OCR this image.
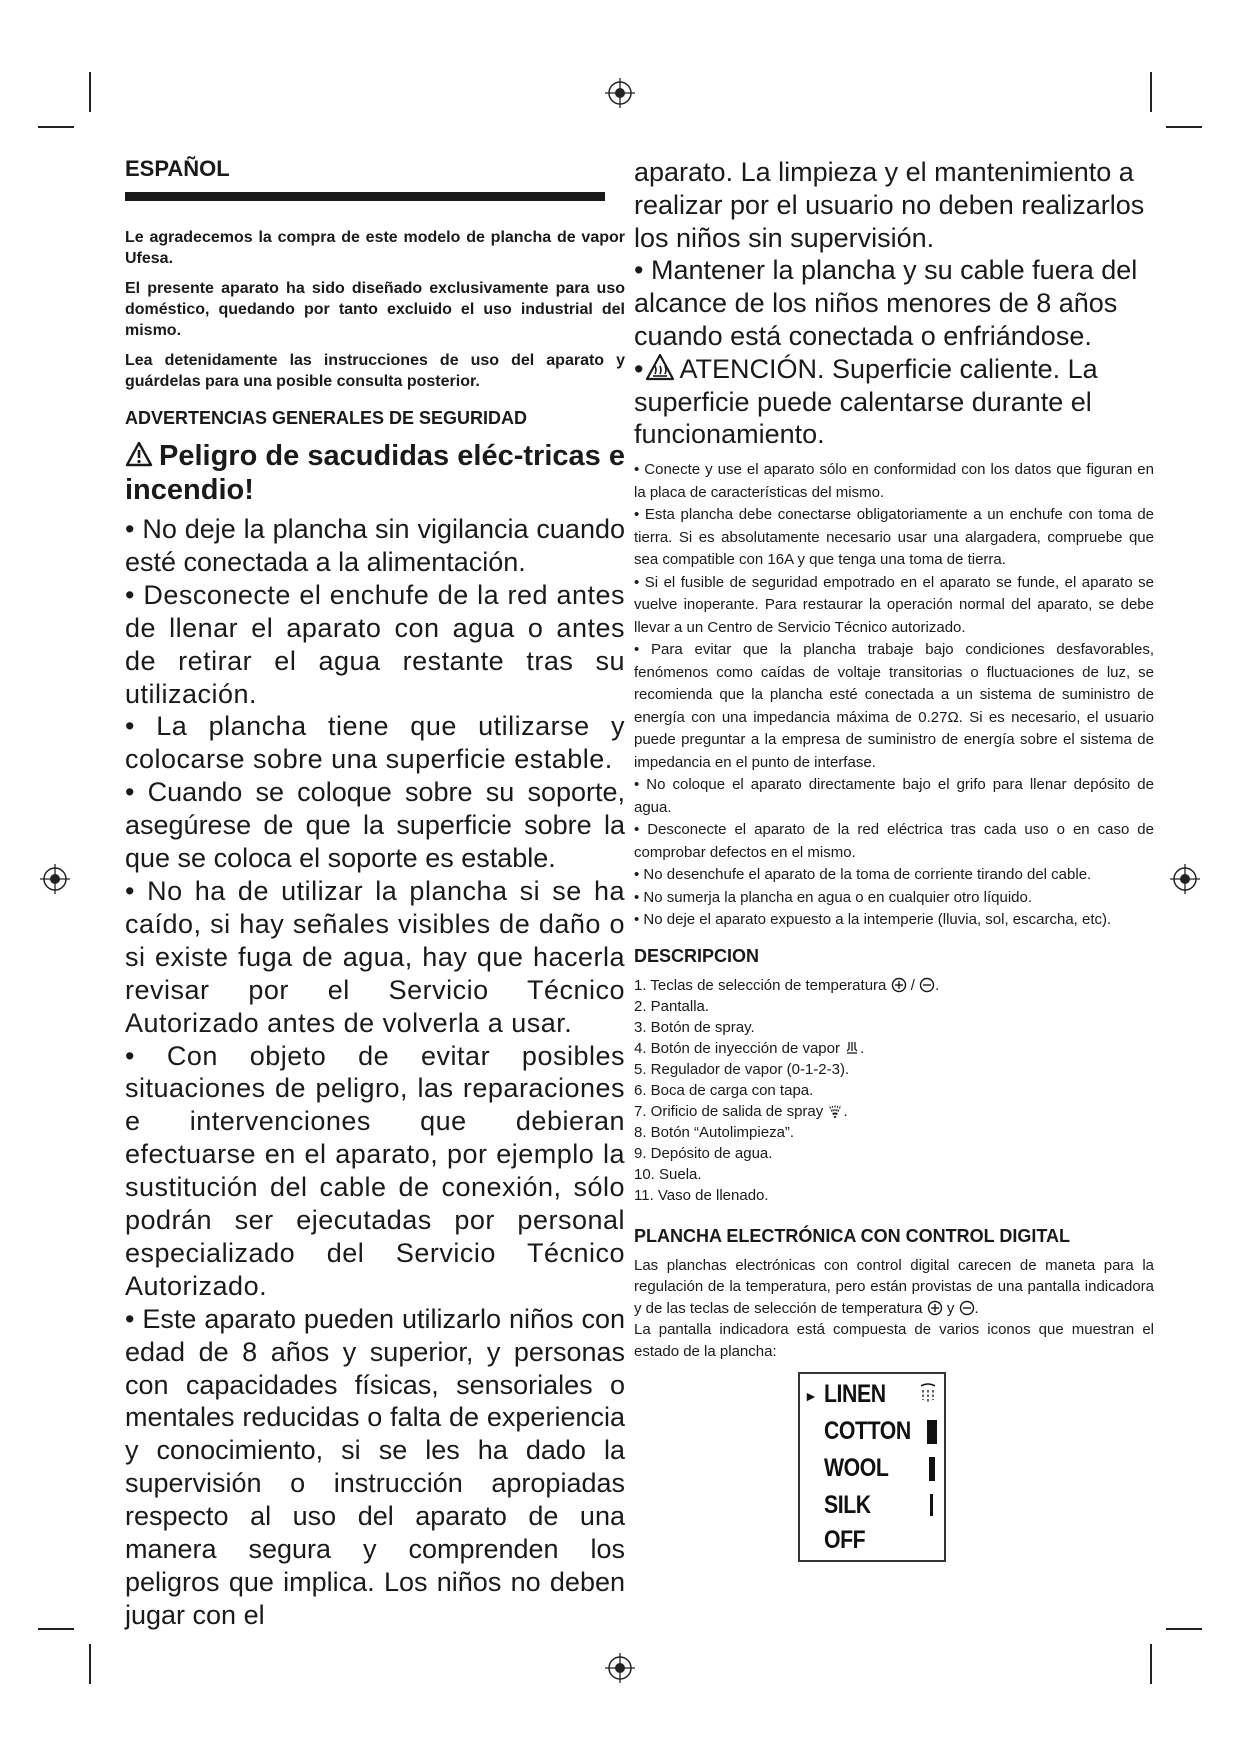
ESPAÑOL

Le agradecemos la compra de este modelo de plancha de vapor Ufesa.

El presente aparato ha sido diseñado exclusivamente para uso doméstico, quedando por tanto excluido el uso industrial del mismo.

Lea detenidamente las instrucciones de uso del aparato y guárdelas para una posible consulta posterior.

ADVERTENCIAS GENERALES DE SEGURIDAD
Peligro de sacudidas eléc-tricas e incendio!

• No deje la plancha sin vigilancia cuando esté conectada a la alimentación.

• Desconecte el enchufe de la red antes de llenar el aparato con agua o antes de retirar el agua restante tras su utilización.

• La plancha tiene que utilizarse y colocarse sobre una superficie estable.

• Cuando se coloque sobre su soporte, asegúrese de que la superficie sobre la que se coloca el soporte es estable.

• No ha de utilizar la plancha si se ha caído, si hay señales visibles de daño o si existe fuga de agua, hay que hacerla revisar por el Servicio Técnico Autorizado antes de volverla a usar.

• Con objeto de evitar posibles situaciones de peligro, las reparaciones e intervenciones que debieran efectuarse en el aparato, por ejemplo la sustitución del cable de conexión, sólo podrán ser ejecutadas por personal especializado del Servicio Técnico Autorizado.

• Este aparato pueden utilizarlo niños con edad de 8 años y superior, y personas con capacidades físicas, sensoriales o mentales reducidas o falta de experiencia y conocimiento, si se les ha dado la supervisión o instrucción apropiadas respecto al uso del aparato de una manera segura y comprenden los peligros que implica. Los niños no deben jugar con el

aparato. La limpieza y el mantenimiento a realizar por el usuario no deben realizarlos los niños sin supervisión.

• Mantener la plancha y su cable fuera del alcance de los niños menores de 8 años cuando está conectada o enfriándose.

• ATENCIÓN. Superficie caliente. La superficie puede calentarse durante el funcionamiento.

• Conecte y use el aparato sólo en conformidad con los datos que figuran en la placa de características del mismo.

• Esta plancha debe conectarse obligatoriamente a un enchufe con toma de tierra. Si es absolutamente necesario usar una alargadera, compruebe que sea compatible con 16A y que tenga una toma de tierra.

• Si el fusible de seguridad empotrado en el aparato se funde, el aparato se vuelve inoperante. Para restaurar la operación normal del aparato, se debe llevar a un Centro de Servicio Técnico autorizado.

• Para evitar que la plancha trabaje bajo condiciones desfavorables, fenómenos como caídas de voltaje transitorias o fluctuaciones de luz, se recomienda que la plancha esté conectada a un sistema de suministro de energía con una impedancia máxima de 0.27Ω. Si es necesario, el usuario puede preguntar a la empresa de suministro de energía sobre el sistema de impedancia en el punto de interfase.

• No coloque el aparato directamente bajo el grifo para llenar depósito de agua.

• Desconecte el aparato de la red eléctrica tras cada uso o en caso de comprobar defectos en el mismo.

• No desenchufe el aparato de la toma de corriente tirando del cable.

• No sumerja la plancha en agua o en cualquier otro líquido.

• No deje el aparato expuesto a la intemperie (lluvia, sol, escarcha, etc).

DESCRIPCION
1. Teclas de selección de temperatura / .
2. Pantalla.
3. Botón de spray.
4. Botón de inyección de vapor .
5. Regulador de vapor (0-1-2-3).
6. Boca de carga con tapa.
7. Orificio de salida de spray .
8. Botón “Autolimpieza”.
9. Depósito de agua.
10. Suela.
11. Vaso de llenado.
PLANCHA ELECTRÓNICA CON CONTROL DIGITAL

Las planchas electrónicas con control digital carecen de maneta para la regulación de la temperatura, pero están provistas de una pantalla indicadora y de las teclas de selección de temperatura y .

La pantalla indicadora está compuesta de varios iconos que muestran el estado de la plancha:

► LINEN
COTTON
WOOL
SILK
OFF
